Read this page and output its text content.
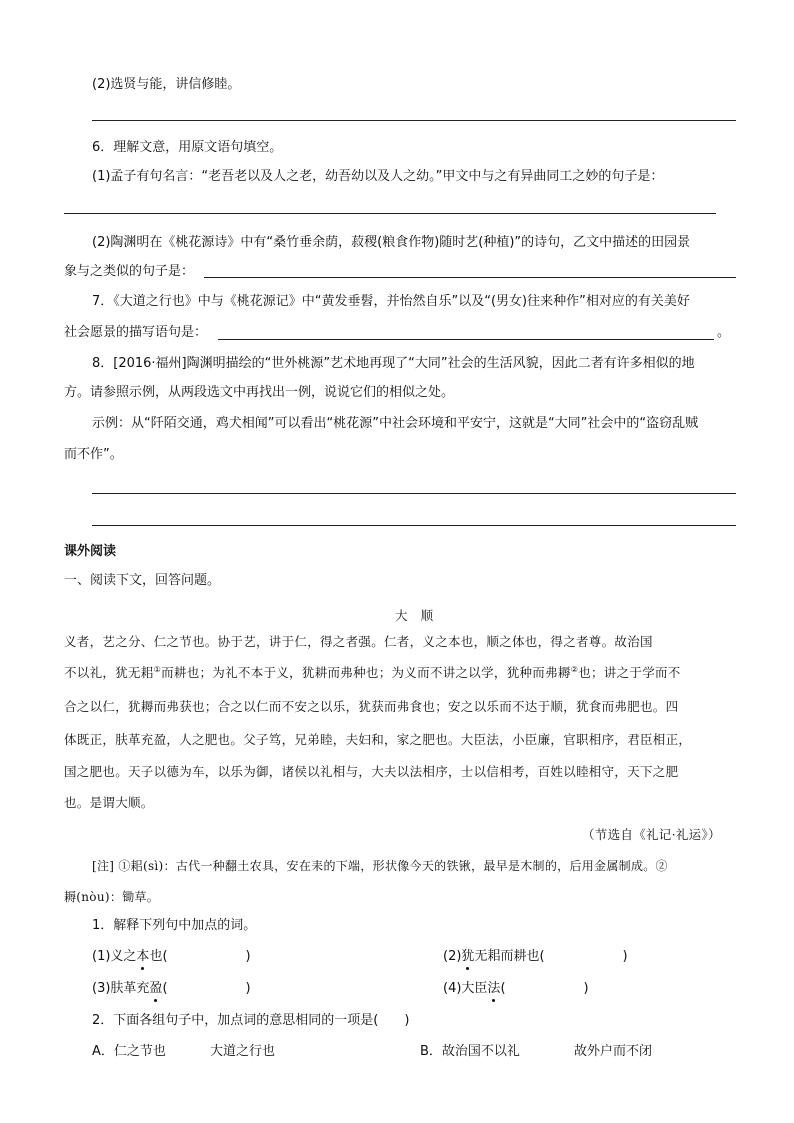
(2)选贤与能，讲信修睦。
6．理解文意，用原文语句填空。
(1)孟子有句名言：“老吾老以及人之老，幼吾幼以及人之幼。”甲文中与之有异曲同工之妙的句子是：
(2)陶渊明在《桃花源诗》中有“桑竹垂余荫，菽稷(粮食作物)随时艺(种植)”的诗句，乙文中描述的田园景
象与之类似的句子是：
7．《大道之行也》中与《桃花源记》中“黄发垂髫，并怡然自乐”以及“(男女)往来种作”相对应的有关美好
社会愿景的描写语句是：	。
8．[2016·福州]陶渊明描绘的“世外桃源”艺术地再现了“大同”社会的生活风貌，因此二者有许多相似的地
方。请参照示例，从两段选文中再找出一例，说说它们的相似之处。
示例：从“阡陌交通，鸡犬相闻”可以看出“桃花源”中社会环境和平安宁，这就是“大同”社会中的“盗窃乱贼
而不作”。
课外阅读
一、阅读下文，回答问题。
大　顺
义者，艺之分、仁之节也。协于艺，讲于仁，得之者强。仁者，义之本也，顺之体也，得之者尊。故治国
不以礼，犹无耜①而耕也；为礼不本于义，犹耕而弗种也；为义而不讲之以学，犹种而弗耨②也；讲之于学而不
合之以仁，犹耨而弗获也；合之以仁而不安之以乐，犹获而弗食也；安之以乐而不达于顺，犹食而弗肥也。四
体既正，肤革充盈，人之肥也。父子笃，兄弟睦，夫妇和，家之肥也。大臣法，小臣廉，官职相序，君臣相正，
国之肥也。天子以德为车，以乐为御，诸侯以礼相与，大夫以法相序，士以信相考，百姓以睦相守，天下之肥
也。是谓大顺。
（节选自《礼记·礼运》）
[注] ①耜(sì)：古代一种翻土农具，安在耒的下端，形状像今天的铁锹，最早是木制的，后用金属制成。②
耨(nòu)：锄草。
1．解释下列句中加点的词。
(1)义之本也(　　　　　　)	(2)犹无耜而耕也(　　　　　　)
(3)肤革充盈(　　　　　　)	(4)大臣法(　　　　　　)
2．下面各组句子中，加点词的意思相同的一项是(　　)
A．仁之节也	大道之行也	B．故治国不以礼	故外户而不闭
